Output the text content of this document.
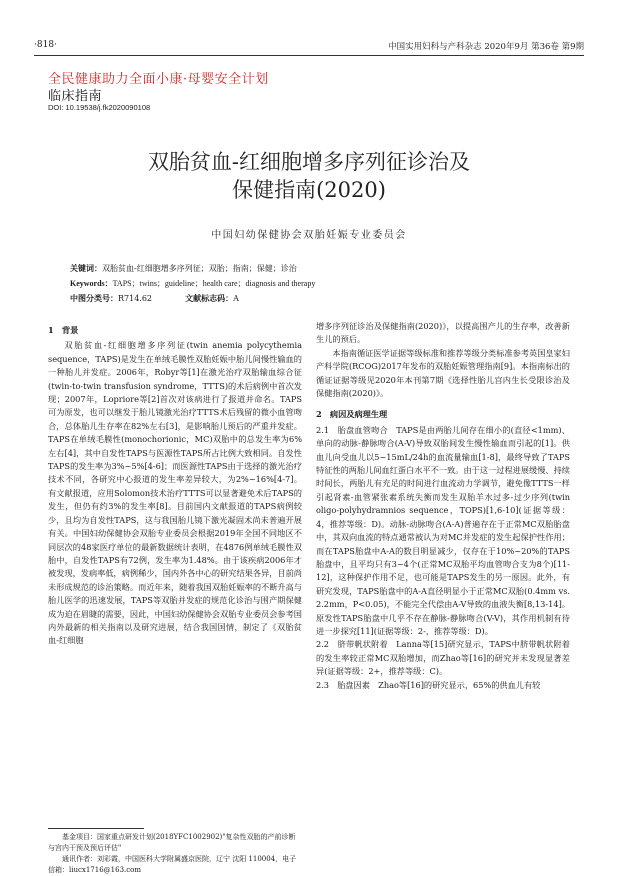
·818·	中国实用妇科与产科杂志 2020年9月 第36卷 第9期
全民健康助力全面小康·母婴安全计划
临床指南
DOI: 10.19538/j.fk2020090108
双胎贫血-红细胞增多序列征诊治及
保健指南(2020)
中国妇幼保健协会双胎妊娠专业委员会
关键词：双胎贫血-红细胞增多序列征；双胎；指南；保健；诊治
Keywords：TAPS；twins；guideline；health care；diagnosis and therapy
中图分类号：R714.62	文献标志码：A

1　背景

双胎贫血-红细胞增多序列征(twin anemia polycythemia sequence，TAPS)是发生在单绒毛膜性双胎妊娠中胎儿间慢性输血的一种胎儿并发症。2006年，Robyr等[1]在激光治疗双胎输血综合征(twin-to-twin transfusion syndrome，TTTS)的术后病例中首次发现；2007年，Lopriore等[2]首次对该病进行了报道并命名。TAPS可为原发，也可以继发于胎儿镜激光治疗TTTS术后残留的微小血管吻合，总体胎儿生存率在82%左右[3]，是影响胎儿预后的严重并发症。TAPS在单绒毛膜性(monochorionic，MC)双胎中的总发生率为6%左右[4]，其中自发性TAPS与医源性TAPS所占比例大致相同。自发性TAPS的发生率为3%~5%[4-6]；而医源性TAPS由于选择的激光治疗技术不同，各研究中心报道的发生率差异较大，为2%~16%[4-7]。有文献报道，应用Solomon技术治疗TTTS可以显著避免术后TAPS的发生，但仍有约3%的发生率[8]。目前国内文献报道的TAPS病例较少，且均为自发性TAPS，这与我国胎儿镜下激光凝固术尚未普遍开展有关。中国妇幼保健协会双胎专业委员会根据2019年全国不同地区不同层次的48家医疗单位的最新数据统计表明，在4876例单绒毛膜性双胎中，自发性TAPS有72例，发生率为1.48%。由于该疾病2006年才被发现，发病率低，病例稀少，国内外各中心的研究结果各异，目前尚未形成规范的诊治策略。而近年来，随着我国双胎妊娠率的不断升高与胎儿医学的迅速发展，TAPS等双胎并发症的规范化诊治与围产期保健成为迫在眉睫的需要，因此，中国妇幼保健协会双胎专业委员会参考国内外最新的相关指南以及研究进展，结合我国国情，制定了《双胎贫血-红细胞

增多序列征诊治及保健指南(2020)》，以提高围产儿的生存率，改善新生儿的预后。

本指南循证医学证据等级标准和推荐等级分类标准参考英国皇家妇产科学院(RCOG)2017年发布的双胎妊娠管理指南[9]。本指南标出的循证证据等级见2020年本刊第7期《选择性胎儿宫内生长受限诊治及保健指南(2020)》。

2　病因及病理生理

2.1　胎盘血管吻合　TAPS是由两胎儿间存在细小的(直径<1mm)、单向的动脉-静脉吻合(A-V)导致双胎间发生慢性输血而引起的[1]。供血儿向受血儿以5~15mL/24h的血流量输血[1-8]，最终导致了TAPS特征性的两胎儿间血红蛋白水平不一致。由于这一过程进展缓慢、持续时间长，两胎儿有充足的时间进行血流动力学调节，避免像TTTS一样引起肾素-血管紧张素系统失衡而发生双胎羊水过多-过少序列(twin oligo-polyhydramnios sequence，TOPS)[1,6-10](证据等级：4，推荐等级：D)。动脉-动脉吻合(A-A)普遍存在于正常MC双胎胎盘中，其双向血流的特点通常被认为对MC并发症的发生起保护性作用；而在TAPS胎盘中A-A的数目明显减少，仅存在于10%~20%的TAPS胎盘中，且平均只有3~4个(正常MC双胎平均血管吻合支为8个)[11-12]，这种保护作用不足，也可能是TAPS发生的另一原因。此外，有研究发现，TAPS胎盘中的A-A直径明显小于正常MC双胎(0.4mm vs. 2.2mm，P<0.05)，不能完全代偿由A-V导致的血液失衡[8,13-14]。原发性TAPS胎盘中几乎不存在静脉-静脉吻合(V-V)，其作用机制有待进一步探究[11](证据等级：2-，推荐等级：D)。

2.2　脐带帆状附着　Lanna等[15]研究显示，TAPS中脐带帆状附着的发生率较正常MC双胎增加，而Zhao等[16]的研究并未发现显著差异(证据等级：2+，推荐等级：C)。

2.3　胎盘因素　Zhao等[16]的研究显示，65%的供血儿有较

基金项目：国家重点研发计划(2018YFC1002902)"复杂性双胎的产前诊断与宫内干预及预后评估"

通讯作者：刘彩霞，中国医科大学附属盛京医院，辽宁 沈阳 110004，电子信箱：liucx1716@163.com
